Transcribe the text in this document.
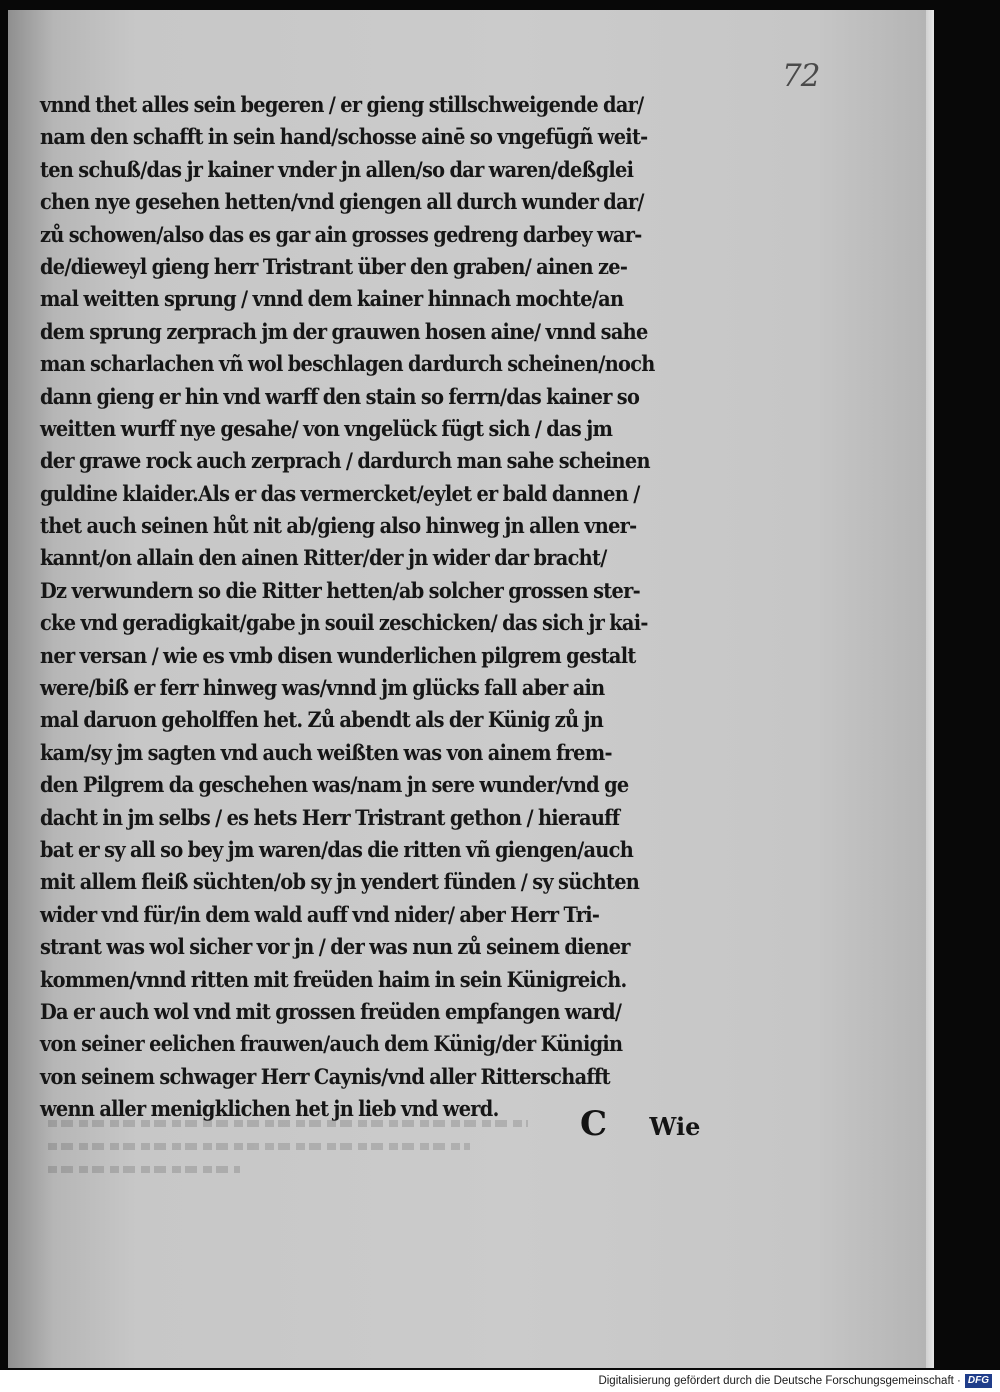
72
vnnd thet alles sein begeren / er gieng stillschweigende dar/
nam den schafft in sein hand/schosse ainē so vngefūgñ weit-
ten schuß/das jr kainer vnder jn allen/so dar waren/deßglei
chen nye gesehen hetten/vnd giengen all durch wunder dar/
zů schowen/also das es gar ain grosses gedreng darbey war-
de/dieweyl gieng herr Tristrant über den graben/ ainen ze-
mal weitten sprung / vnnd dem kainer hinnach mochte/an
dem sprung zerprach jm der grauwen hosen aine/ vnnd sahe
man scharlachen vñ wol beschlagen dardurch scheinen/noch
dann gieng er hin vnd warff den stain so ferrn/das kainer so
weitten wurff nye gesahe/ von vngelück fügt sich / das jm
der grawe rock auch zerprach / dardurch man sahe scheinen
guldine klaider.Als er das vermercket/eylet er bald dannen /
thet auch seinen hůt nit ab/gieng also hinweg jn allen vner-
kannt/on allain den ainen Ritter/der jn wider dar bracht/
Dz verwundern so die Ritter hetten/ab solcher grossen ster-
cke vnd geradigkait/gabe jn souil zeschicken/ das sich jr kai-
ner versan / wie es vmb disen wunderlichen pilgrem gestalt
were/biß er ferr hinweg was/vnnd jm glücks fall aber ain
mal daruon geholffen het. Zů abendt als der Künig zů jn
kam/sy jm sagten vnd auch weißten was von ainem frem-
den Pilgrem da geschehen was/nam jn sere wunder/vnd ge
dacht in jm selbs / es hets Herr Tristrant gethon / hierauff
bat er sy all so bey jm waren/das die ritten vñ giengen/auch
mit allem fleiß süchten/ob sy jn yendert fünden / sy süchten
wider vnd für/in dem wald auff vnd nider/ aber Herr Tri-
strant was wol sicher vor jn / der was nun zů seinem diener
kommen/vnnd ritten mit freüden haim in sein Künigreich.
Da er auch wol vnd mit grossen freüden empfangen ward/
von seiner eelichen frauwen/auch dem Künig/der Künigin
von seinem schwager Herr Caynis/vnd aller Ritterschafft
wenn aller menigklichen het jn lieb vnd werd.	C Wie
Digitalisierung gefördert durch die Deutsche Forschungsgemeinschaft · DFG
